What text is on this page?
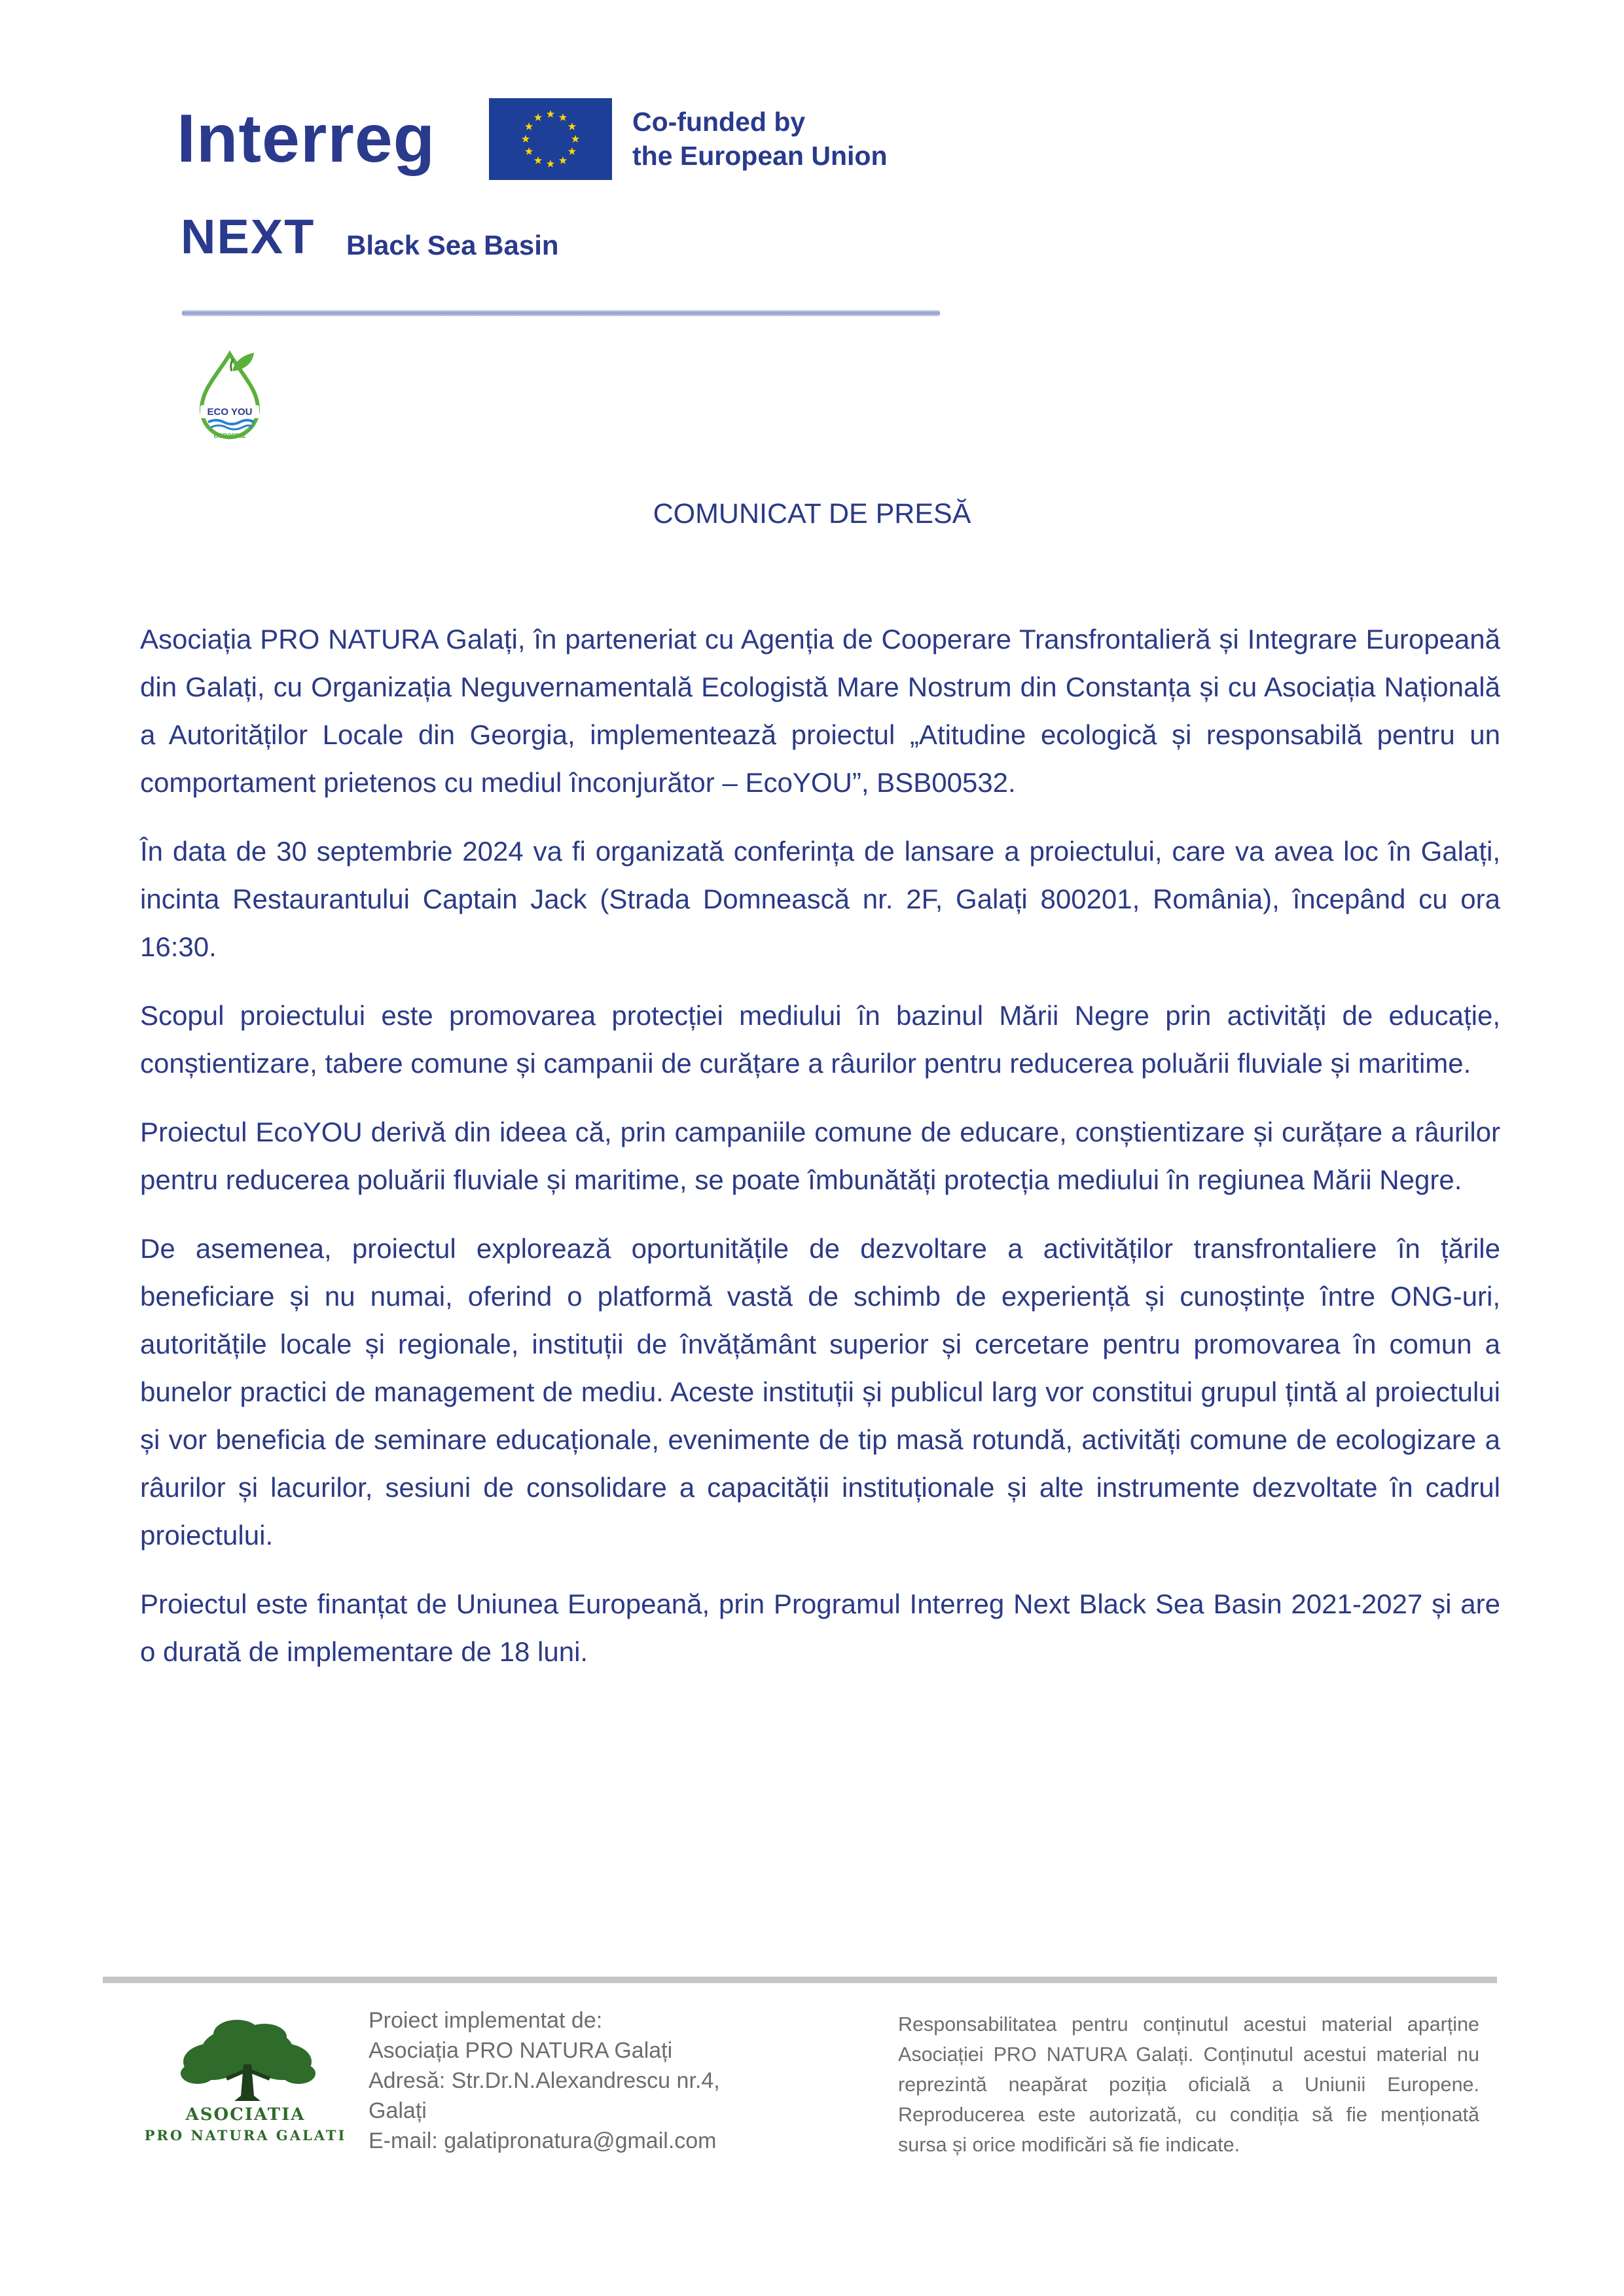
Interreg	Co-funded by
the European Union
NEXT Black Sea Basin
ECO YOU
BSB00532
COMUNICAT DE PRESĂ

Asociația PRO NATURA Galați, în parteneriat cu Agenția de Cooperare Transfrontalieră și Integrare Europeană din Galați, cu Organizația Neguvernamentală Ecologistă Mare Nostrum din Constanța și cu Asociația Națională a Autorităților Locale din Georgia, implementează proiectul „Atitudine ecologică și responsabilă pentru un comportament prietenos cu mediul înconjurător – EcoYOU”, BSB00532.

În data de 30 septembrie 2024 va fi organizată conferința de lansare a proiectului, care va avea loc în Galați, incinta Restaurantului Captain Jack (Strada Domnească nr. 2F, Galați 800201, România), începând cu ora 16:30.

Scopul proiectului este promovarea protecției mediului în bazinul Mării Negre prin activități de educație, conștientizare, tabere comune și campanii de curățare a râurilor pentru reducerea poluării fluviale și maritime.

Proiectul EcoYOU derivă din ideea că, prin campaniile comune de educare, conștientizare și curățare a râurilor pentru reducerea poluării fluviale și maritime, se poate îmbunătăți protecția mediului în regiunea Mării Negre.

De asemenea, proiectul explorează oportunitățile de dezvoltare a activităților transfrontaliere în țările beneficiare și nu numai, oferind o platformă vastă de schimb de experiență și cunoștințe între ONG-uri, autoritățile locale și regionale, instituții de învățământ superior și cercetare pentru promovarea în comun a bunelor practici de management de mediu. Aceste instituții și publicul larg vor constitui grupul țintă al proiectului și vor beneficia de seminare educaționale, evenimente de tip masă rotundă, activități comune de ecologizare a râurilor și lacurilor, sesiuni de consolidare a capacității instituționale și alte instrumente dezvoltate în cadrul proiectului.

Proiectul este finanțat de Uniunea Europeană, prin Programul Interreg Next Black Sea Basin 2021-2027 și are o durată de implementare de 18 luni.

ASOCIATIA
PRO NATURA GALATI
Proiect implementat de:
Asociația PRO NATURA Galați
Adresă: Str.Dr.N.Alexandrescu nr.4,
Galați
E-mail: galatipronatura@gmail.com
Responsabilitatea pentru conținutul acestui material aparține Asociației PRO NATURA Galați. Conținutul acestui material nu reprezintă neapărat poziția oficială a Uniunii Europene. Reproducerea este autorizată, cu condiția să fie menționată sursa și orice modificări să fie indicate.
